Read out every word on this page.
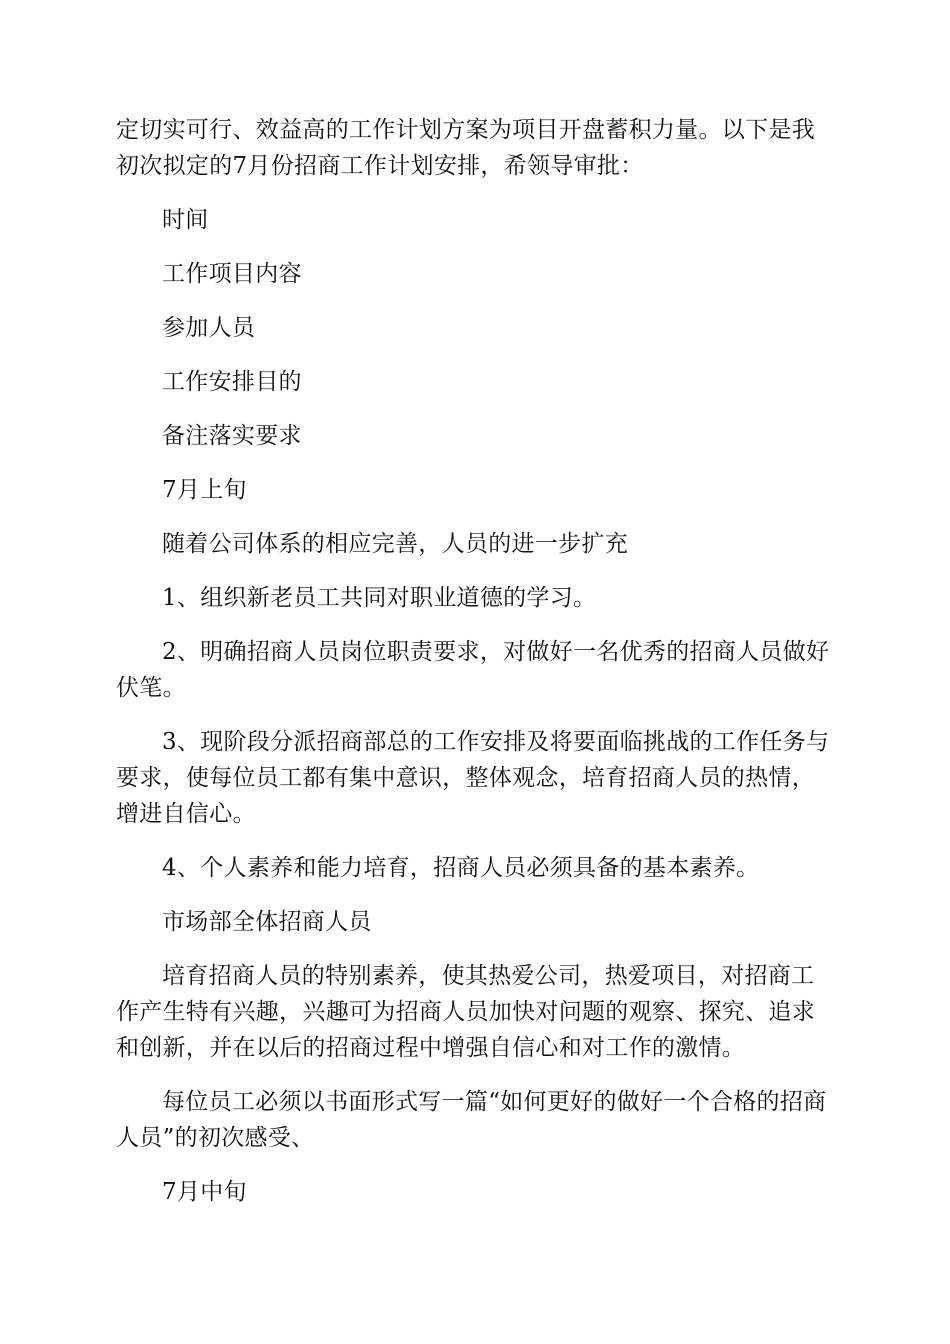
定切实可行、效益高的工作计划方案为项目开盘蓄积力量。以下是我初次拟定的7月份招商工作计划安排，希领导审批：

时间

工作项目内容

参加人员

工作安排目的

备注落实要求

7月上旬

随着公司体系的相应完善，人员的进一步扩充

1、组织新老员工共同对职业道德的学习。

2、明确招商人员岗位职责要求，对做好一名优秀的招商人员做好伏笔。

3、现阶段分派招商部总的工作安排及将要面临挑战的工作任务与要求，使每位员工都有集中意识，整体观念，培育招商人员的热情，增进自信心。

4、个人素养和能力培育，招商人员必须具备的基本素养。

市场部全体招商人员

培育招商人员的特别素养，使其热爱公司，热爱项目，对招商工作产生特有兴趣，兴趣可为招商人员加快对问题的观察、探究、追求和创新，并在以后的招商过程中增强自信心和对工作的激情。

每位员工必须以书面形式写一篇“如何更好的做好一个合格的招商人员”的初次感受、

7月中旬
